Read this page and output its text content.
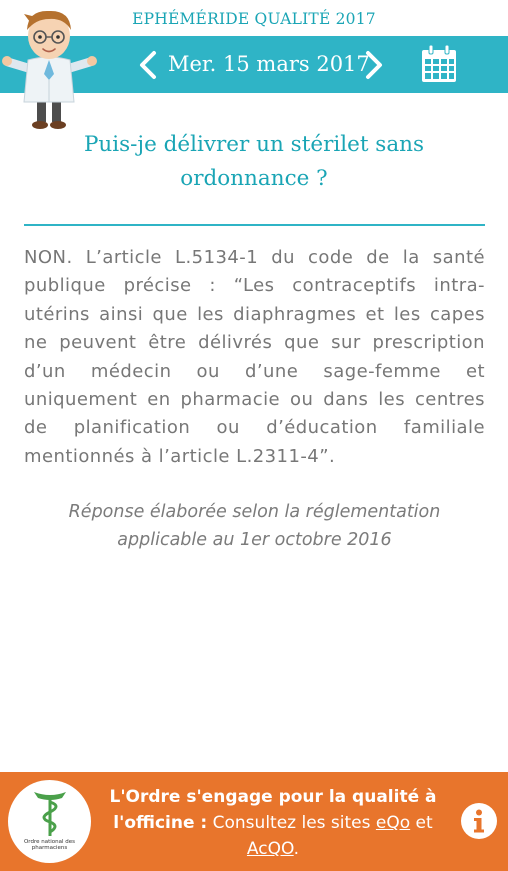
EPHÉMÉRIDE QUALITÉ 2017
Mer. 15 mars 2017
Puis-je délivrer un stérilet sans ordonnance ?
NON. L’article L.5134-1 du code de la santé publique précise : “Les contraceptifs intra-utérins ainsi que les diaphragmes et les capes ne peuvent être délivrés que sur prescription d’un médecin ou d’une sage-femme et uniquement en pharmacie ou dans les centres de planification ou d’éducation familiale mentionnés à l’article L.2311-4”.
Réponse élaborée selon la réglementation applicable au 1er octobre 2016
Ordre national des pharmaciens
L'Ordre s'engage pour la qualité à l'officine : Consultez les sites eQo et
AcQO.
